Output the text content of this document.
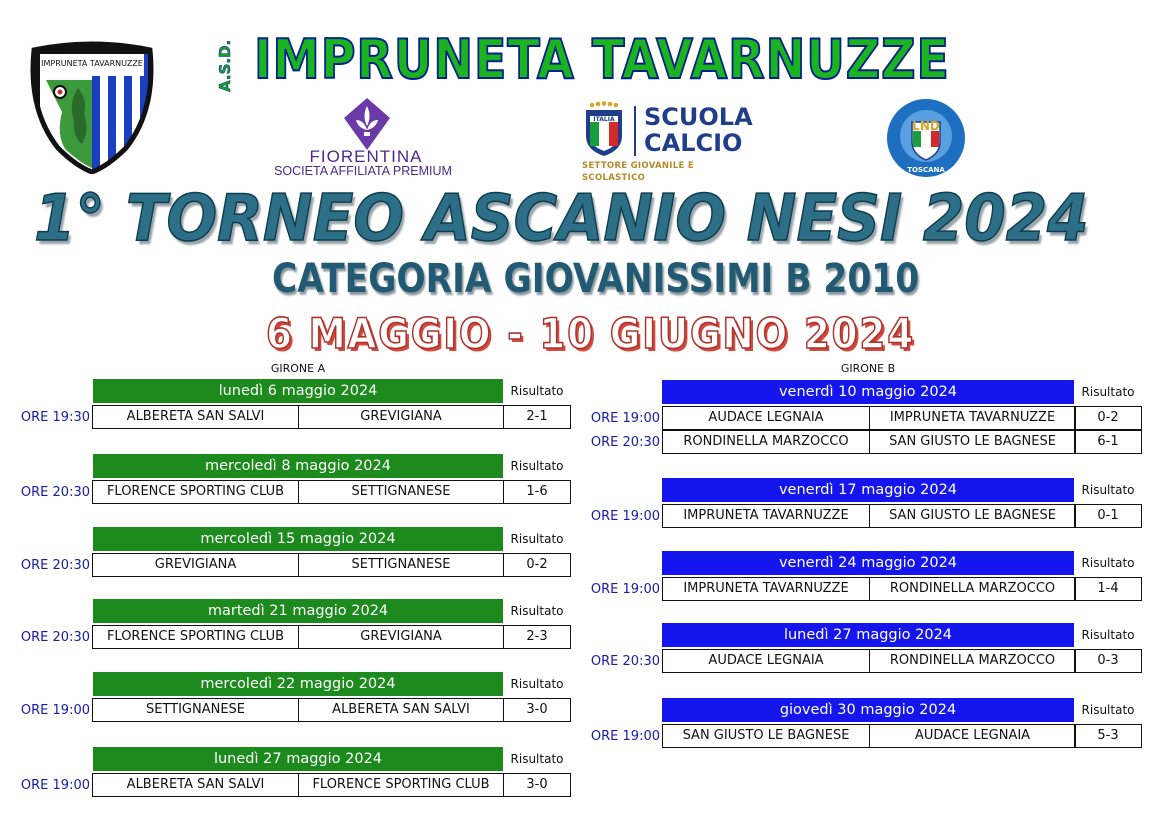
IMPRUNETA TAVARNUZZE	A.S.D. IMPRUNETA TAVARNUZZE
FIORENTINA
SOCIETA AFFILIATA PREMIUM
ITALIA SCUOLA
CALCIO
SETTORE GIOVANILE E SCOLASTICO
LND
TOSCANA
1° TORNEO ASCANIO NESI 2024
CATEGORIA GIOVANISSIMI B 2010
6 MAGGIO - 10 GIUGNO 2024
GIRONE A
lunedì 6 maggio 2024	Risultato
ORE 19:30	ALBERETA SAN SALVI	GREVIGIANA	2-1
mercoledì 8 maggio 2024	Risultato
ORE 20:30	FLORENCE SPORTING CLUB	SETTIGNANESE	1-6
mercoledì 15 maggio 2024	Risultato
ORE 20:30	GREVIGIANA	SETTIGNANESE	0-2
martedì 21 maggio 2024	Risultato
ORE 20:30	FLORENCE SPORTING CLUB	GREVIGIANA	2-3
mercoledì 22 maggio 2024	Risultato
ORE 19:00	SETTIGNANESE	ALBERETA SAN SALVI	3-0
lunedì 27 maggio 2024	Risultato
ORE 19:00	ALBERETA SAN SALVI	FLORENCE SPORTING CLUB	3-0
GIRONE B
venerdì 10 maggio 2024	Risultato
ORE 19:00	AUDACE LEGNAIA	IMPRUNETA TAVARNUZZE	0-2
ORE 20:30	RONDINELLA MARZOCCO	SAN GIUSTO LE BAGNESE	6-1
venerdì 17 maggio 2024	Risultato
ORE 19:00	IMPRUNETA TAVARNUZZE	SAN GIUSTO LE BAGNESE	0-1
venerdì 24 maggio 2024	Risultato
ORE 19:00	IMPRUNETA TAVARNUZZE	RONDINELLA MARZOCCO	1-4
lunedì 27 maggio 2024	Risultato
ORE 20:30	AUDACE LEGNAIA	RONDINELLA MARZOCCO	0-3
giovedì 30 maggio 2024	Risultato
ORE 19:00	SAN GIUSTO LE BAGNESE	AUDACE LEGNAIA	5-3
